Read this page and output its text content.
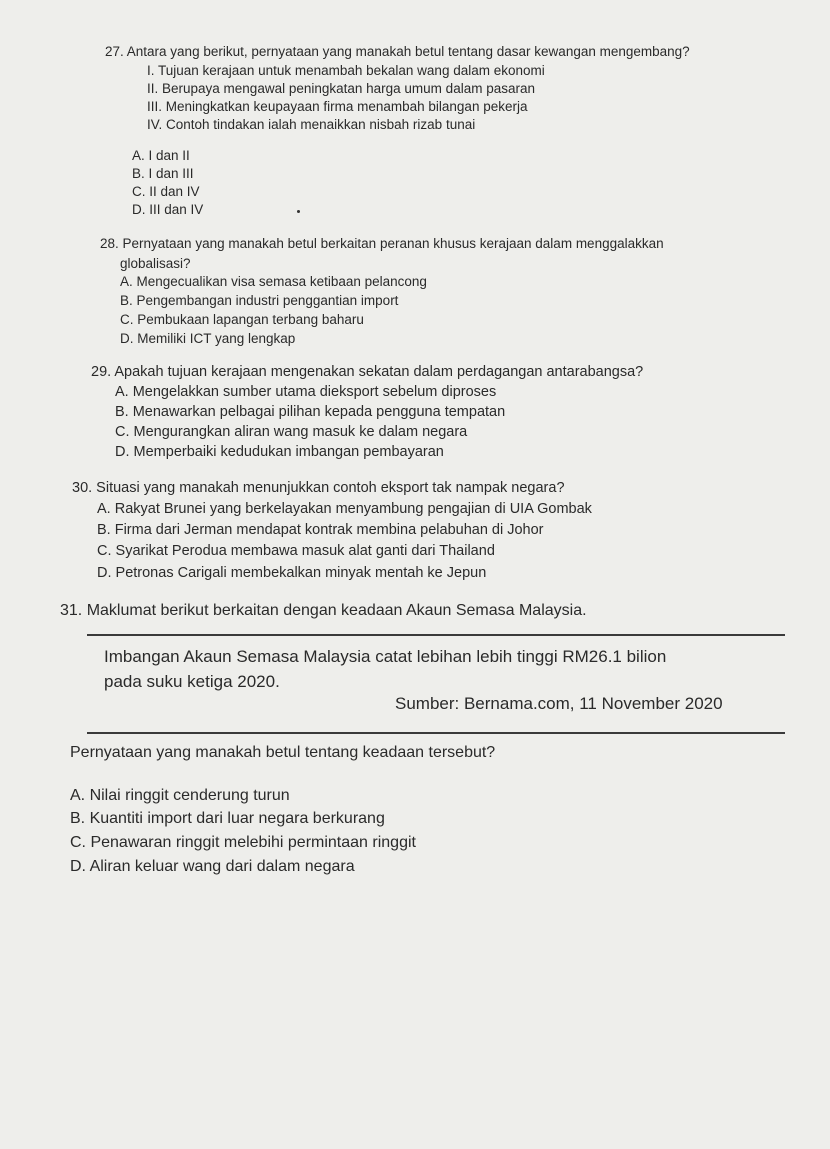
27. Antara yang berikut, pernyataan yang manakah betul tentang dasar kewangan mengembang?
I. Tujuan kerajaan untuk menambah bekalan wang dalam ekonomi
II. Berupaya mengawal peningkatan harga umum dalam pasaran
III. Meningkatkan keupayaan firma menambah bilangan pekerja
IV. Contoh tindakan ialah menaikkan nisbah rizab tunai
A. I dan II
B. I dan III
C. II dan IV
D. III dan IV
28. Pernyataan yang manakah betul berkaitan peranan khusus kerajaan dalam menggalakkan
globalisasi?
A. Mengecualikan visa semasa ketibaan pelancong
B. Pengembangan industri penggantian import
C. Pembukaan lapangan terbang baharu
D. Memiliki ICT yang lengkap
29. Apakah tujuan kerajaan mengenakan sekatan dalam perdagangan antarabangsa?
A. Mengelakkan sumber utama dieksport sebelum diproses
B. Menawarkan pelbagai pilihan kepada pengguna tempatan
C. Mengurangkan aliran wang masuk ke dalam negara
D. Memperbaiki kedudukan imbangan pembayaran
30. Situasi yang manakah menunjukkan contoh eksport tak nampak negara?
A. Rakyat Brunei yang berkelayakan menyambung pengajian di UIA Gombak
B. Firma dari Jerman mendapat kontrak membina pelabuhan di Johor
C. Syarikat Perodua membawa masuk alat ganti dari Thailand
D. Petronas Carigali membekalkan minyak mentah ke Jepun
31. Maklumat berikut berkaitan dengan keadaan Akaun Semasa Malaysia.
Imbangan Akaun Semasa Malaysia catat lebihan lebih tinggi RM26.1 bilion
pada suku ketiga 2020.
Sumber: Bernama.com, 11 November 2020
Pernyataan yang manakah betul tentang keadaan tersebut?
A. Nilai ringgit cenderung turun
B. Kuantiti import dari luar negara berkurang
C. Penawaran ringgit melebihi permintaan ringgit
D. Aliran keluar wang dari dalam negara
